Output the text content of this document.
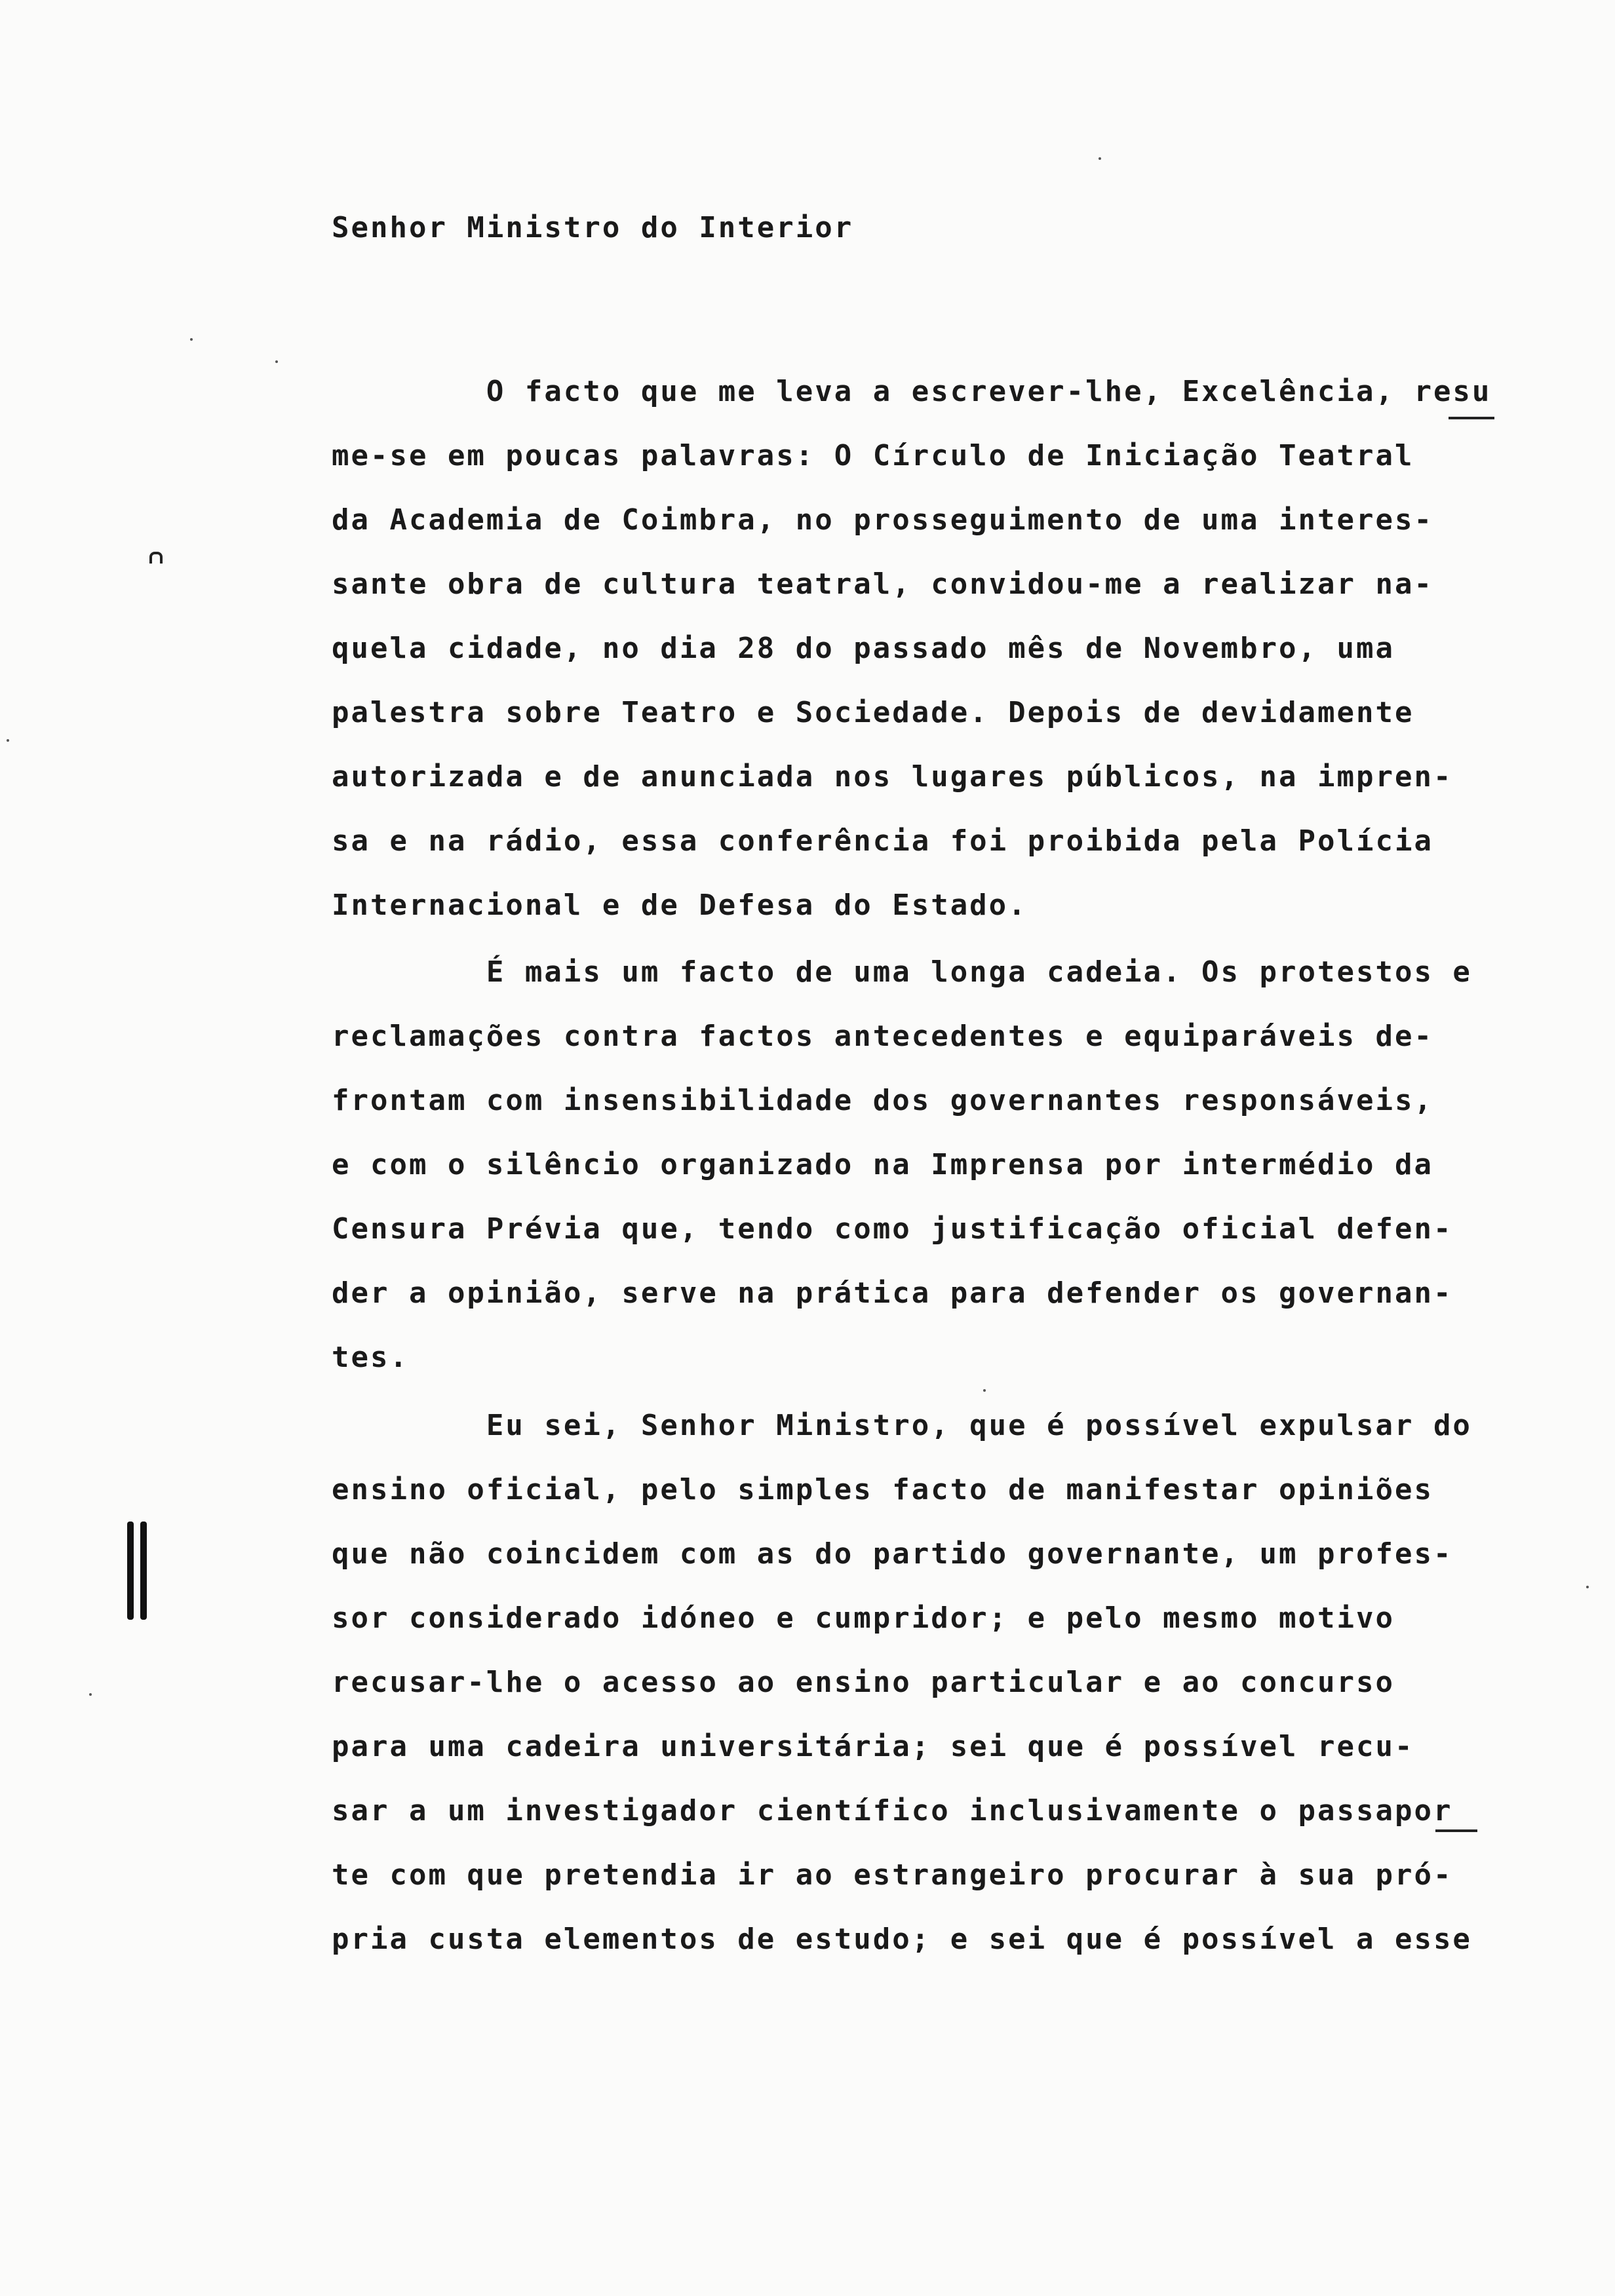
Senhor Ministro do Interior

O facto que me leva a escrever-lhe, Excelência, resu

me-se em poucas palavras: O Círculo de Iniciação Teatral

da Academia de Coimbra, no prosseguimento de uma interes-

sante obra de cultura teatral, convidou-me a realizar na-

quela cidade, no dia 28 do passado mês de Novembro, uma

palestra sobre Teatro e Sociedade. Depois de devidamente

autorizada e de anunciada nos lugares públicos, na impren-

sa e na rádio, essa conferência foi proibida pela Polícia

Internacional e de Defesa do Estado.

É mais um facto de uma longa cadeia. Os protestos e

reclamações contra factos antecedentes e equiparáveis de-

frontam com insensibilidade dos governantes responsáveis,

e com o silêncio organizado na Imprensa por intermédio da

Censura Prévia que, tendo como justificação oficial defen-

der a opinião, serve na prática para defender os governan-

tes.

Eu sei, Senhor Ministro, que é possível expulsar do

ensino oficial, pelo simples facto de manifestar opiniões

que não coincidem com as do partido governante, um profes-

sor considerado idóneo e cumpridor; e pelo mesmo motivo

recusar-lhe o acesso ao ensino particular e ao concurso

para uma cadeira universitária; sei que é possível recu-

sar a um investigador científico inclusivamente o passapor

te com que pretendia ir ao estrangeiro procurar à sua pró-

pria custa elementos de estudo; e sei que é possível a esse
